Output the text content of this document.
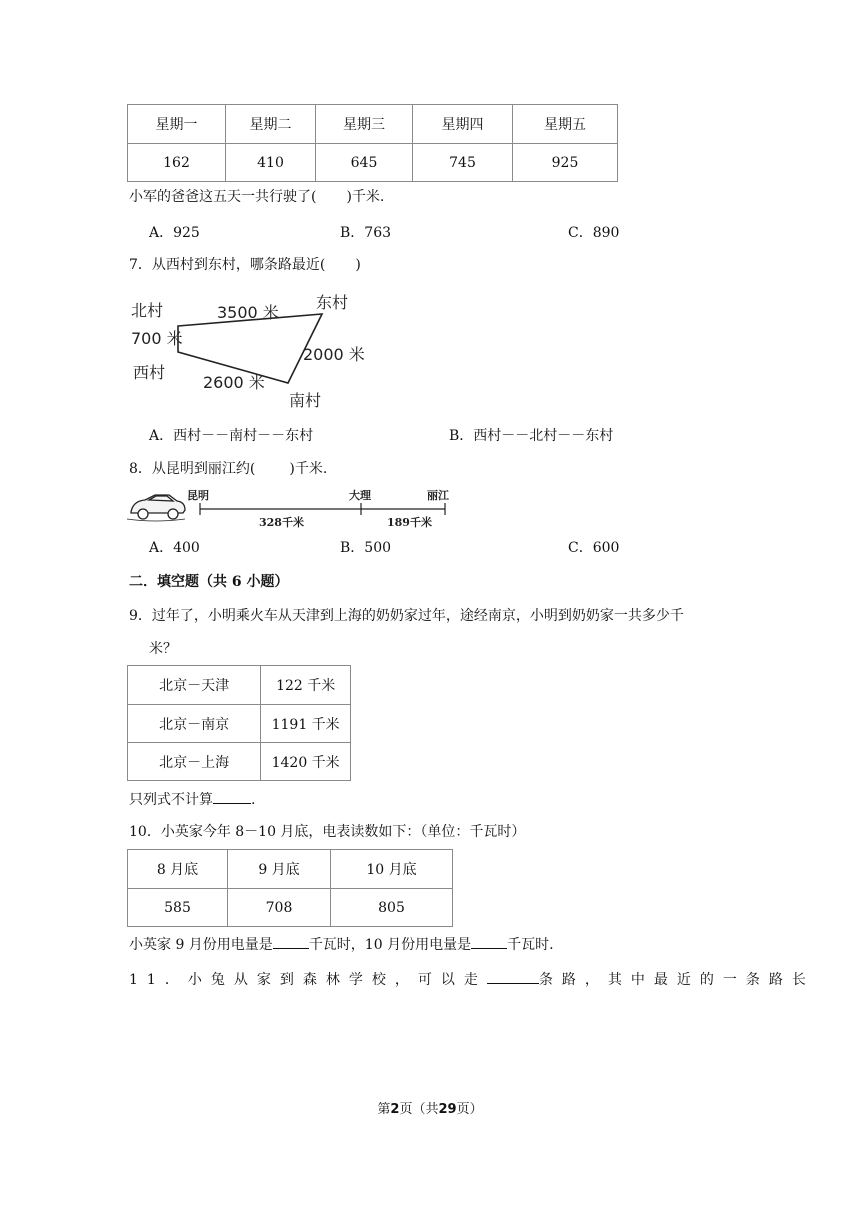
星期一	星期二	星期三	星期四	星期五
162	410	645	745	925
小军的爸爸这五天一共行驶了( )千米.
A．925	B．763	C．890
7．从西村到东村，哪条路最近( )
北村	东村
西村
南村
3500 米
700 米
2000 米
2600 米
A．西村－－南村－－东村	B．西村－－北村－－东村
8．从昆明到丽江约( )千米.
昆明	大理	丽江
328千米	189千米
A．400	B．500	C．600
二．填空题（共 6 小题）
9．过年了，小明乘火车从天津到上海的奶奶家过年，途经南京，小明到奶奶家一共多少千
米？
北京－天津	122 千米
北京－南京	1191 千米
北京－上海	1420 千米
只列式不计算	.
10．小英家今年 8－10 月底，电表读数如下：（单位：千瓦时）
8 月底	9 月底	10 月底
585	708	805
小英家 9 月份用电量是	千瓦时，10 月份用电量是	千瓦时.
11．小兔从家到森林学校，可以走	条路，其中最近的一条路长
第2页（共29页）
